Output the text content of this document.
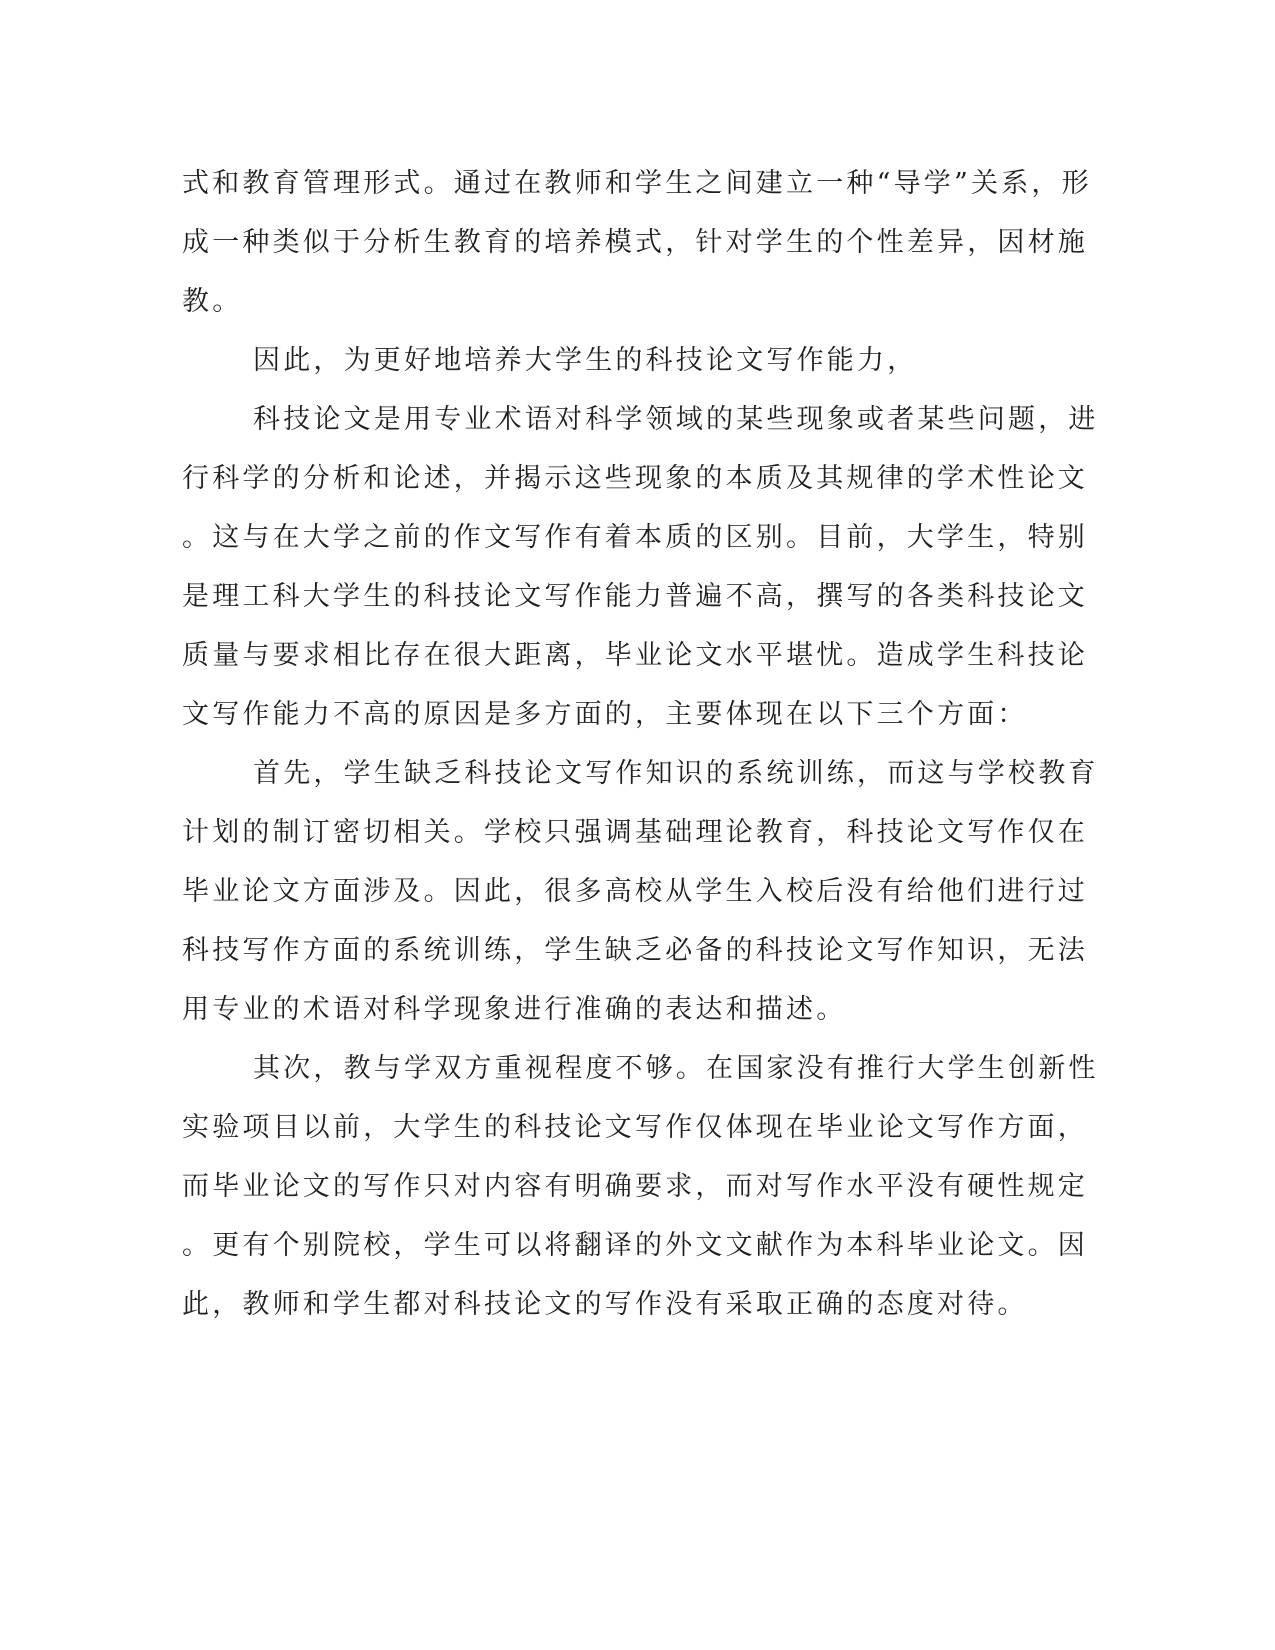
式和教育管理形式。通过在教师和学生之间建立一种“导学”关系，形
成一种类似于分析生教育的培养模式，针对学生的个性差异，因材施
教。
因此，为更好地培养大学生的科技论文写作能力，
科技论文是用专业术语对科学领域的某些现象或者某些问题，进
行科学的分析和论述，并揭示这些现象的本质及其规律的学术性论文
。这与在大学之前的作文写作有着本质的区别。目前，大学生，特别
是理工科大学生的科技论文写作能力普遍不高，撰写的各类科技论文
质量与要求相比存在很大距离，毕业论文水平堪忧。造成学生科技论
文写作能力不高的原因是多方面的，主要体现在以下三个方面：
首先，学生缺乏科技论文写作知识的系统训练，而这与学校教育
计划的制订密切相关。学校只强调基础理论教育，科技论文写作仅在
毕业论文方面涉及。因此，很多高校从学生入校后没有给他们进行过
科技写作方面的系统训练，学生缺乏必备的科技论文写作知识，无法
用专业的术语对科学现象进行准确的表达和描述。
其次，教与学双方重视程度不够。在国家没有推行大学生创新性
实验项目以前，大学生的科技论文写作仅体现在毕业论文写作方面，
而毕业论文的写作只对内容有明确要求，而对写作水平没有硬性规定
。更有个别院校，学生可以将翻译的外文文献作为本科毕业论文。因
此，教师和学生都对科技论文的写作没有采取正确的态度对待。
